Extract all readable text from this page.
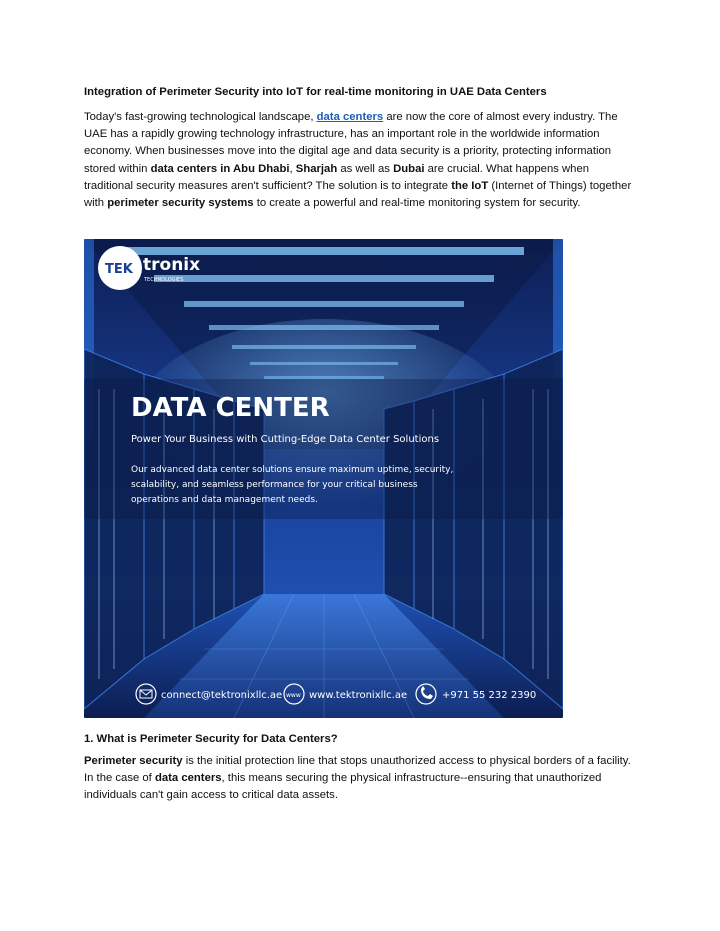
Integration of Perimeter Security into IoT for real-time monitoring in UAE Data Centers

Today's fast-growing technological landscape, data centers are now the core of almost every industry. The UAE has a rapidly growing technology infrastructure, has an important role in the worldwide information economy. When businesses move into the digital age and data security is a priority, protecting information stored within data centers in Abu Dhabi, Sharjah as well as Dubai are crucial. What happens when traditional security measures aren't sufficient? The solution is to integrate the IoT (Internet of Things) together with perimeter security systems to create a powerful and real-time monitoring system for security.

TEK tronix
TECHNOLOGIES
DATA CENTER
Power Your Business with Cutting-Edge Data Center Solutions
Our advanced data center solutions ensure maximum uptime, security,
scalability, and seamless performance for your critical business
operations and data management needs.
connect@tektronixllc.ae www www.tektronixllc.ae	+971 55 232 2390

1. What is Perimeter Security for Data Centers?

Perimeter security is the initial protection line that stops unauthorized access to physical borders of a facility. In the case of data centers, this means securing the physical infrastructure--ensuring that unauthorized individuals can't gain access to critical data assets.
